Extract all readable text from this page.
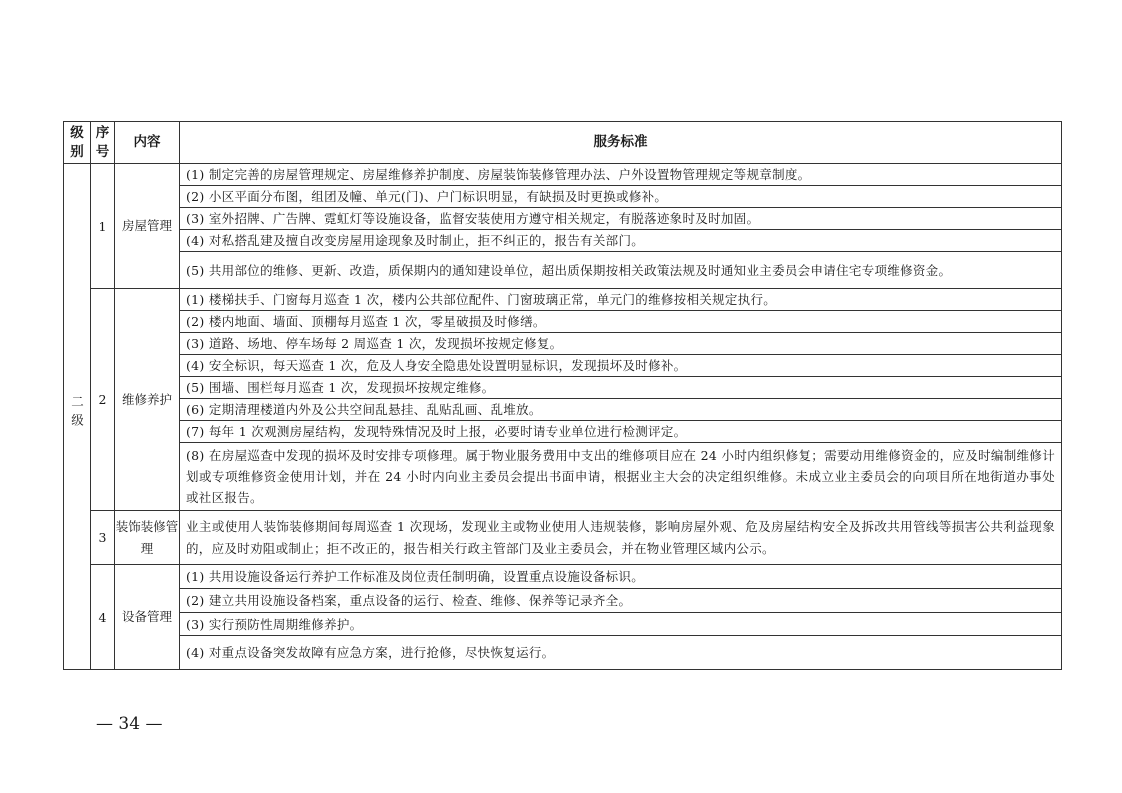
级别	序号	内容	服务标准
二级	1	房屋管理	(1) 制定完善的房屋管理规定、房屋维修养护制度、房屋装饰装修管理办法、户外设置物管理规定等规章制度。
			(2) 小区平面分布图，组团及幢、单元(门)、户门标识明显，有缺损及时更换或修补。
			(3) 室外招牌、广告牌、霓虹灯等设施设备，监督安装使用方遵守相关规定，有脱落迹象时及时加固。
			(4) 对私搭乱建及擅自改变房屋用途现象及时制止，拒不纠正的，报告有关部门。
			(5) 共用部位的维修、更新、改造，质保期内的通知建设单位，超出质保期按相关政策法规及时通知业主委员会申请住宅专项维修资金。
	2	维修养护	(1) 楼梯扶手、门窗每月巡查 1 次，楼内公共部位配件、门窗玻璃正常，单元门的维修按相关规定执行。
			(2) 楼内地面、墙面、顶棚每月巡查 1 次，零星破损及时修缮。
			(3) 道路、场地、停车场每 2 周巡查 1 次，发现损坏按规定修复。
			(4) 安全标识，每天巡查 1 次，危及人身安全隐患处设置明显标识，发现损坏及时修补。
			(5) 围墙、围栏每月巡查 1 次，发现损坏按规定维修。
			(6) 定期清理楼道内外及公共空间乱悬挂、乱贴乱画、乱堆放。
			(7) 每年 1 次观测房屋结构，发现特殊情况及时上报，必要时请专业单位进行检测评定。
			(8) 在房屋巡查中发现的损坏及时安排专项修理。属于物业服务费用中支出的维修项目应在 24 小时内组织修复；需要动用维修资金的，应及时编制维修计划或专项维修资金使用计划，并在 24 小时内向业主委员会提出书面申请，根据业主大会的决定组织维修。未成立业主委员会的向项目所在地街道办事处或社区报告。
	3	装饰装修管理	业主或使用人装饰装修期间每周巡查 1 次现场，发现业主或物业使用人违规装修，影响房屋外观、危及房屋结构安全及拆改共用管线等损害公共利益现象的，应及时劝阻或制止；拒不改正的，报告相关行政主管部门及业主委员会，并在物业管理区域内公示。
	4	设备管理	(1) 共用设施设备运行养护工作标准及岗位责任制明确，设置重点设施设备标识。
			(2) 建立共用设施设备档案，重点设备的运行、检查、维修、保养等记录齐全。
			(3) 实行预防性周期维修养护。
			(4) 对重点设备突发故障有应急方案，进行抢修，尽快恢复运行。
— 34 —
